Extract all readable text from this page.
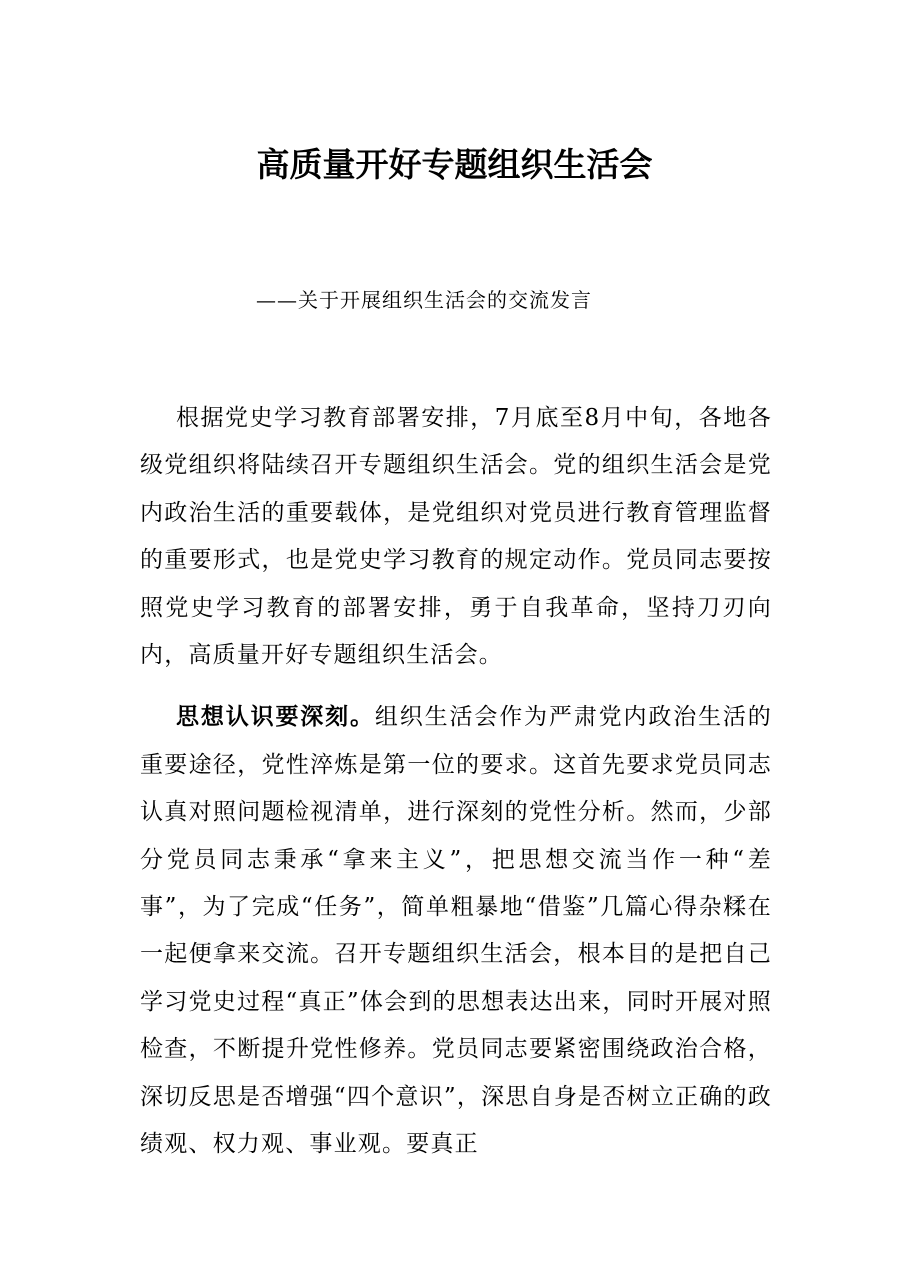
高质量开好专题组织生活会

——关于开展组织生活会的交流发言

根据党史学习教育部署安排，7月底至8月中旬，各地各级党组织将陆续召开专题组织生活会。党的组织生活会是党内政治生活的重要载体，是党组织对党员进行教育管理监督的重要形式，也是党史学习教育的规定动作。党员同志要按照党史学习教育的部署安排，勇于自我革命，坚持刀刃向内，高质量开好专题组织生活会。

思想认识要深刻。组织生活会作为严肃党内政治生活的重要途径，党性淬炼是第一位的要求。这首先要求党员同志认真对照问题检视清单，进行深刻的党性分析。然而，少部分党员同志秉承“拿来主义”，把思想交流当作一种“差事”，为了完成“任务”，简单粗暴地“借鉴”几篇心得杂糅在一起便拿来交流。召开专题组织生活会，根本目的是把自己学习党史过程“真正”体会到的思想表达出来，同时开展对照检查，不断提升党性修养。党员同志要紧密围绕政治合格，深切反思是否增强“四个意识”，深思自身是否树立正确的政绩观、权力观、事业观。要真正
